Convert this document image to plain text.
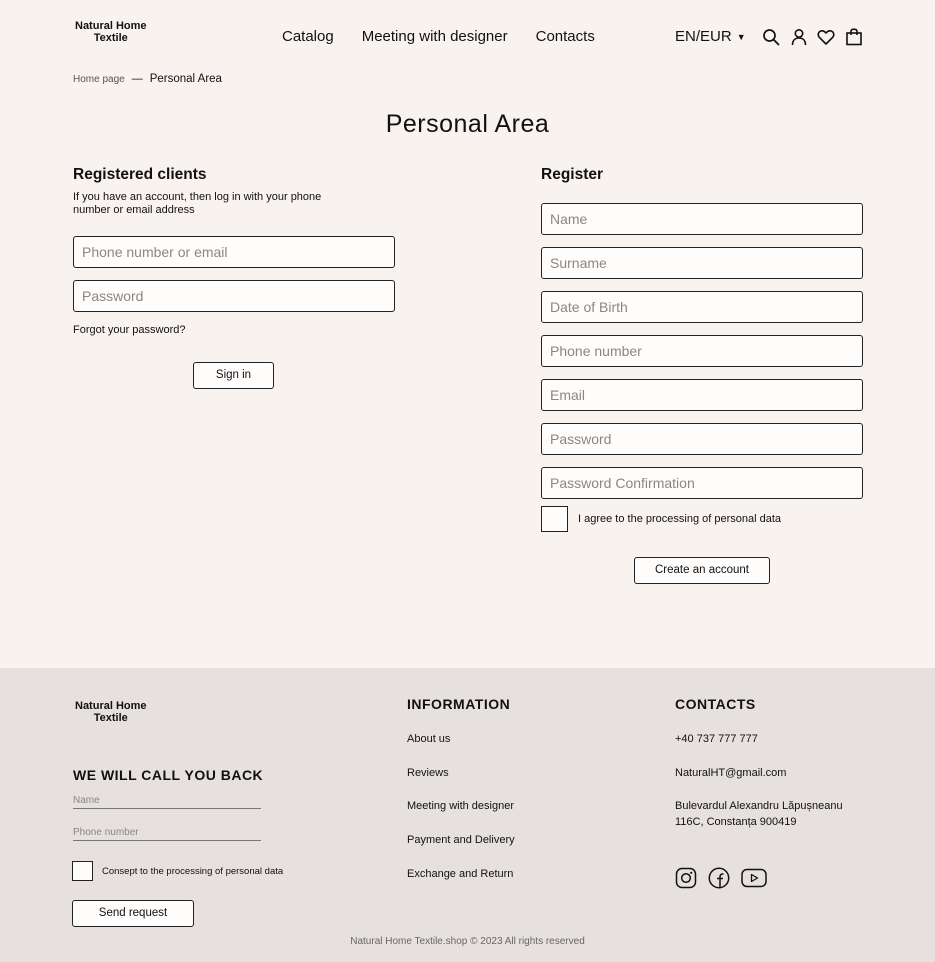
Natural Home
Textile	Catalog Meeting with designer Contacts	EN/EUR ▼
Home page — Personal Area
Personal Area
Registered clients
If you have an account, then log in with your phone number or email address
Phone number or email
Forgot your password?
Sign in
Register
Name
Surname
Date of Birth
Phone number
Email
I agree to the processing of personal data
Create an account
Natural Home
Textile
WE WILL CALL YOU BACK
Name
Phone number
Consept to the processing of personal data
Send request
INFORMATION
About us
Reviews
Meeting with designer
Payment and Delivery
Exchange and Return
CONTACTS
+40 737 777 777
NaturalHT@gmail.com
Bulevardul Alexandru Lăpușneanu
116C, Constanța 900419
Natural Home Textile.shop © 2023 All rights reserved
